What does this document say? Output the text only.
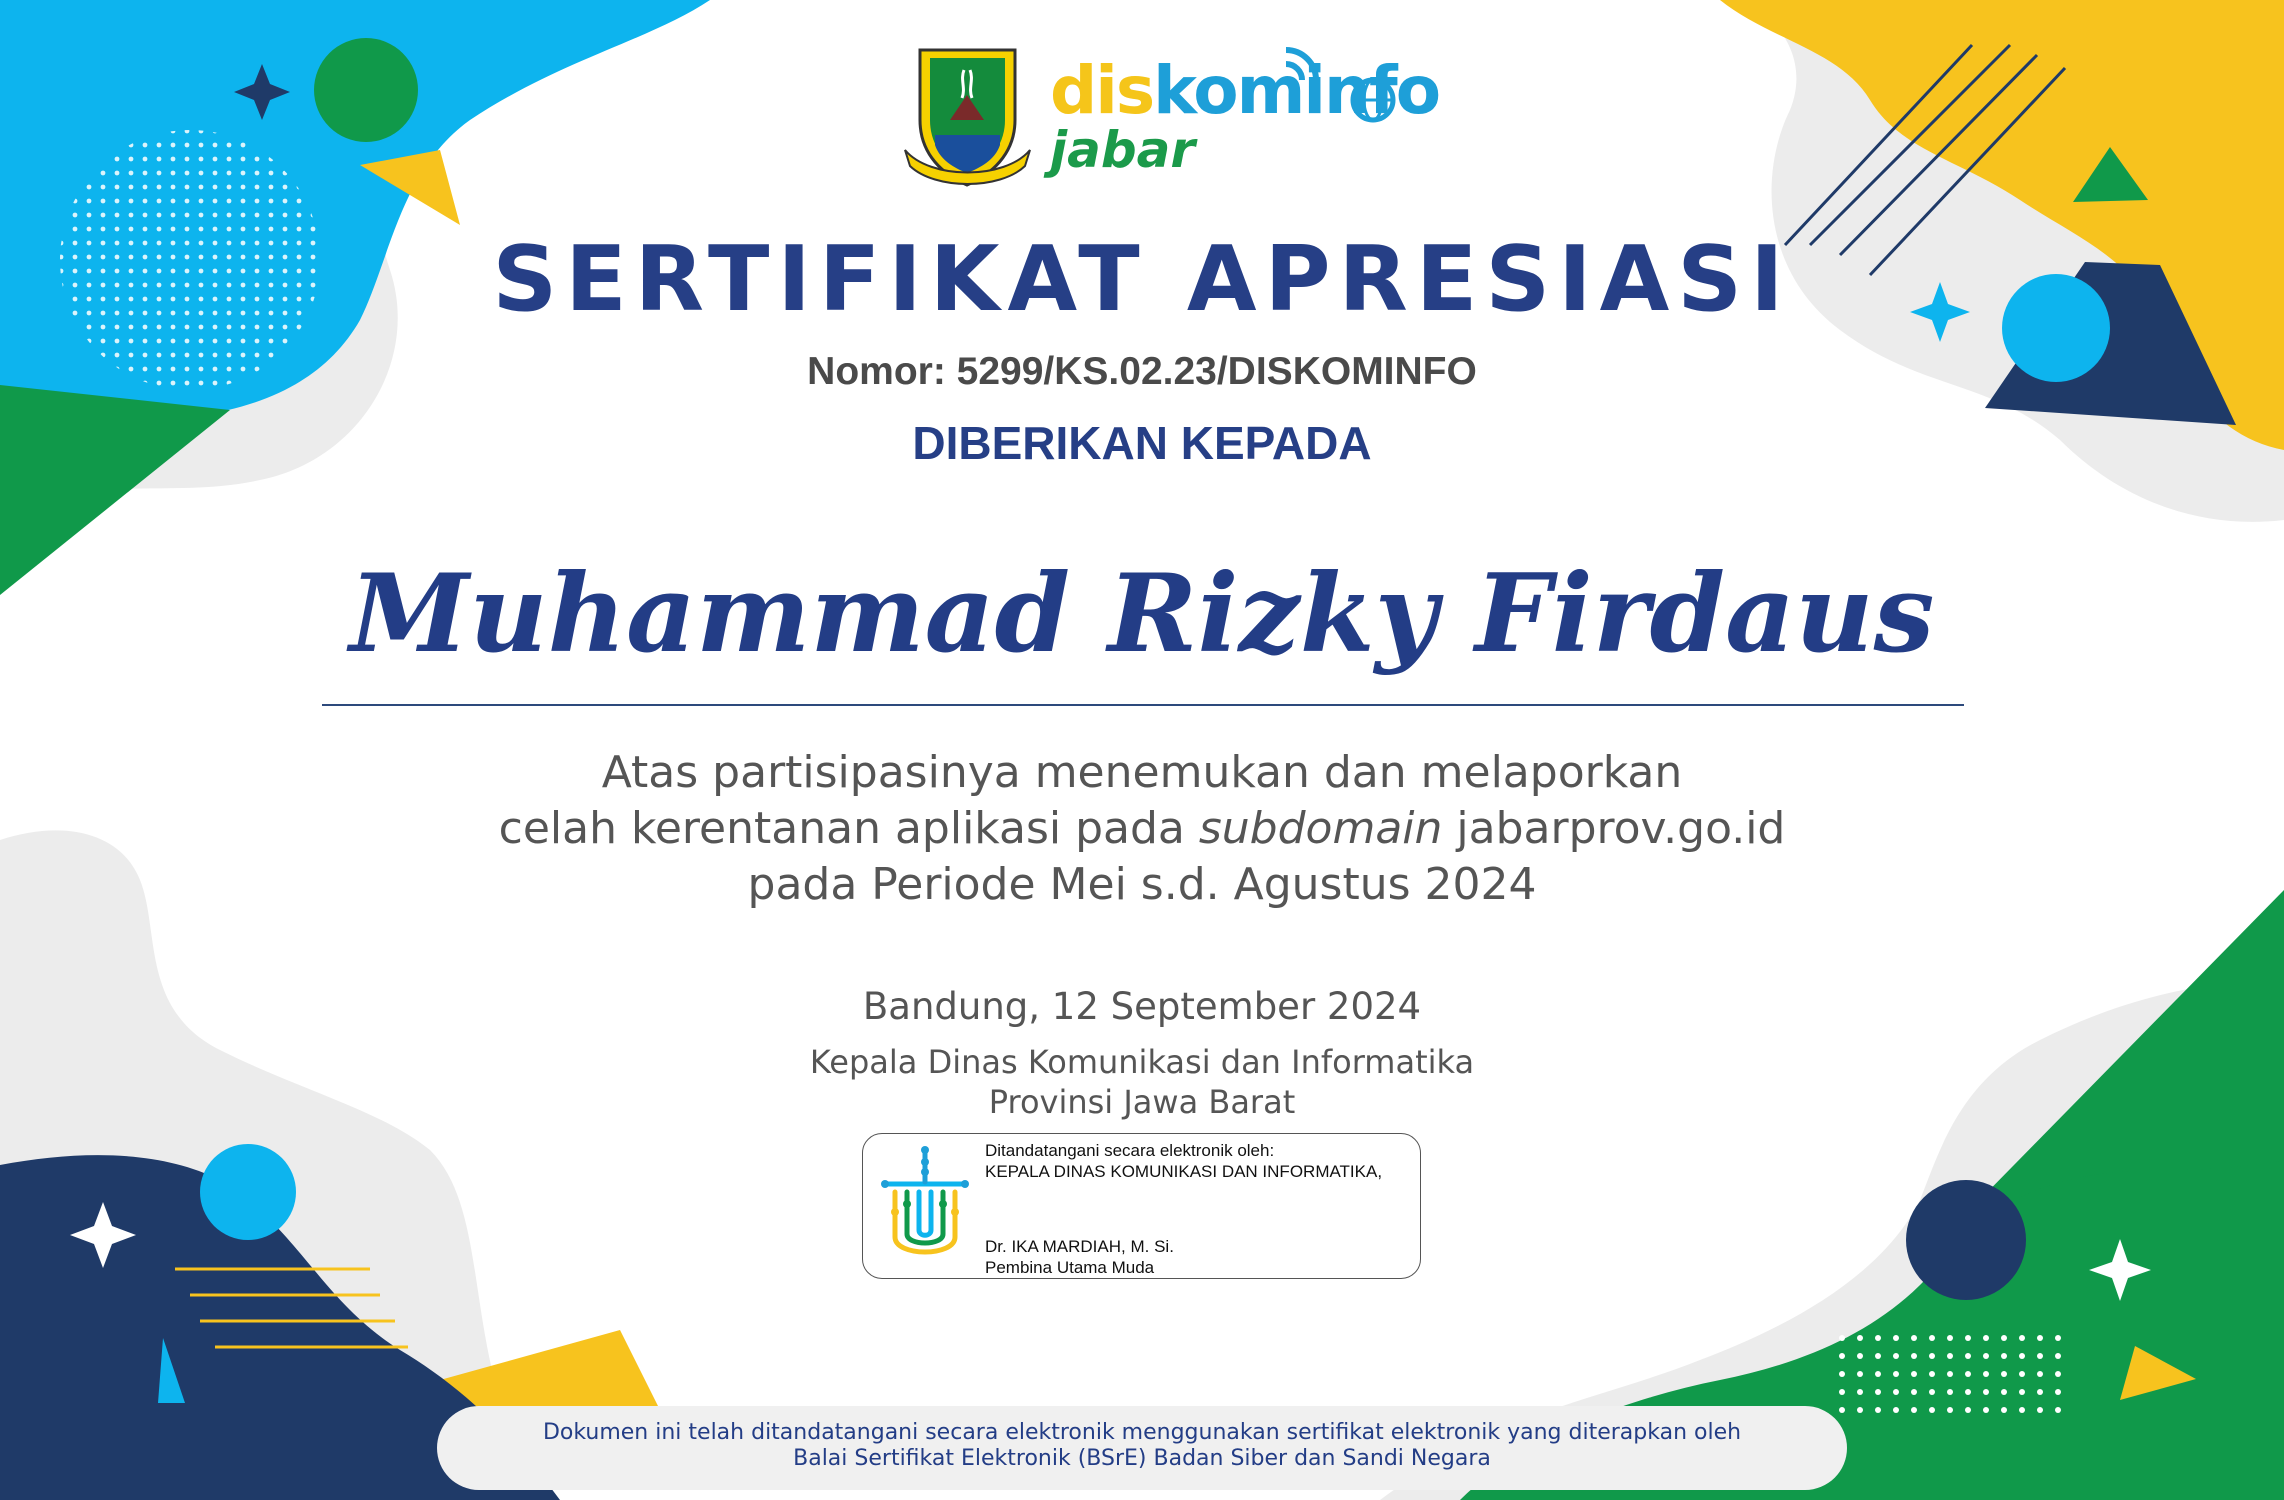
diskominfo
jabar
SERTIFIKAT APRESIASI
Nomor: 5299/KS.02.23/DISKOMINFO
DIBERIKAN KEPADA
Muhammad Rizky Firdaus
Atas partisipasinya menemukan dan melaporkan
celah kerentanan aplikasi pada subdomain jabarprov.go.id
pada Periode Mei s.d. Agustus 2024
Bandung, 12 September 2024
Kepala Dinas Komunikasi dan Informatika
Provinsi Jawa Barat
Ditandatangani secara elektronik oleh:
KEPALA DINAS KOMUNIKASI DAN INFORMATIKA,
Dr. IKA MARDIAH, M. Si.
Pembina Utama Muda
Dokumen ini telah ditandatangani secara elektronik menggunakan sertifikat elektronik yang diterapkan oleh
Balai Sertifikat Elektronik (BSrE) Badan Siber dan Sandi Negara
